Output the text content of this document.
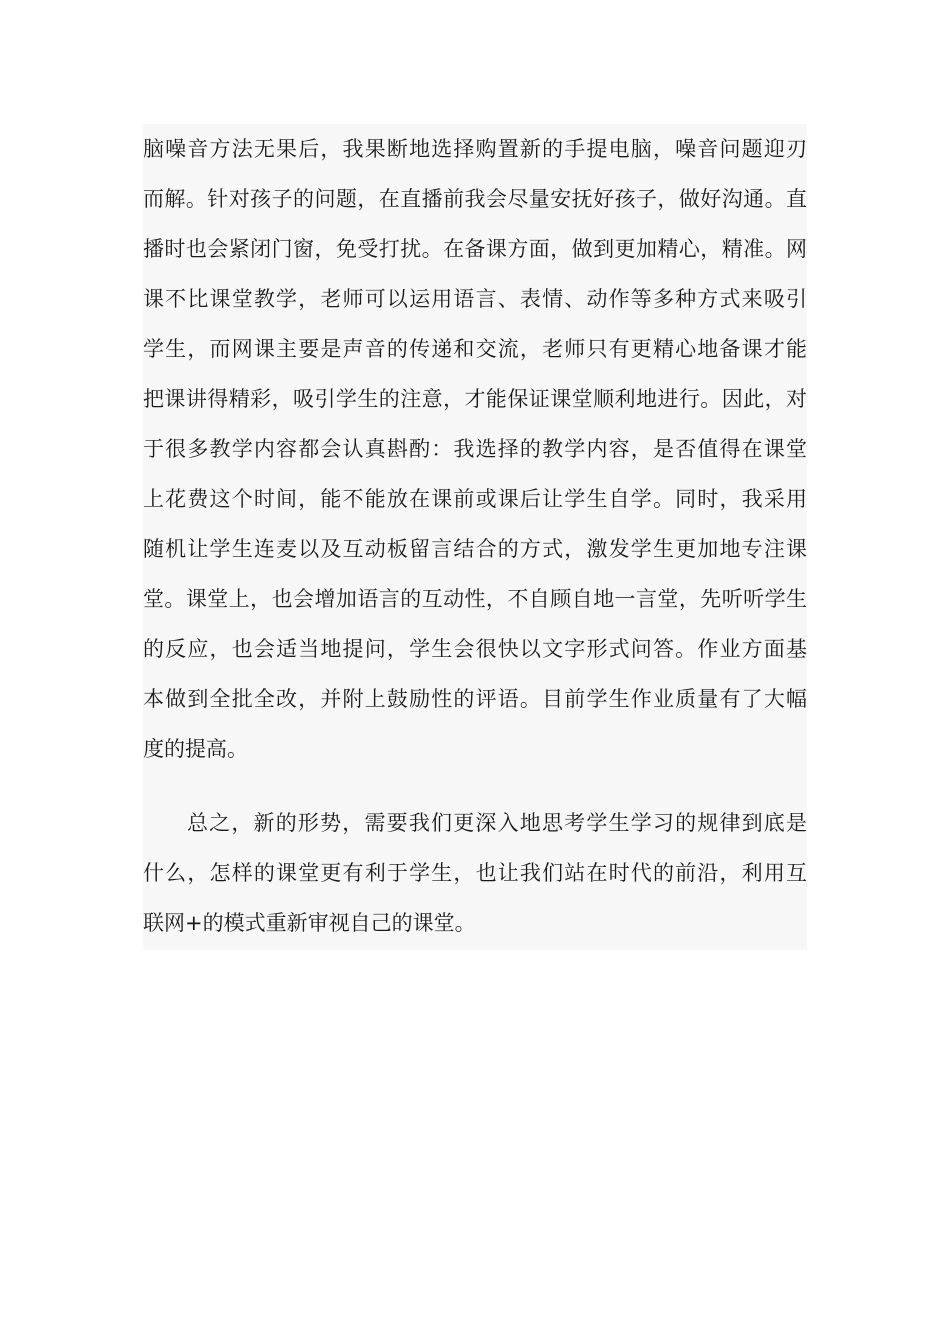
脑噪音方法无果后，我果断地选择购置新的手提电脑，噪音问题迎刃
而解。针对孩子的问题，在直播前我会尽量安抚好孩子，做好沟通。直
播时也会紧闭门窗，免受打扰。在备课方面，做到更加精心，精准。网
课不比课堂教学，老师可以运用语言、表情、动作等多种方式来吸引
学生，而网课主要是声音的传递和交流，老师只有更精心地备课才能
把课讲得精彩，吸引学生的注意，才能保证课堂顺利地进行。因此，对
于很多教学内容都会认真斟酌：我选择的教学内容，是否值得在课堂
上花费这个时间，能不能放在课前或课后让学生自学。同时，我采用
随机让学生连麦以及互动板留言结合的方式，激发学生更加地专注课
堂。课堂上，也会增加语言的互动性，不自顾自地一言堂，先听听学生
的反应，也会适当地提问，学生会很快以文字形式问答。作业方面基
本做到全批全改，并附上鼓励性的评语。目前学生作业质量有了大幅
度的提高。
总之，新的形势，需要我们更深入地思考学生学习的规律到底是
什么，怎样的课堂更有利于学生，也让我们站在时代的前沿，利用互
联网+的模式重新审视自己的课堂。
